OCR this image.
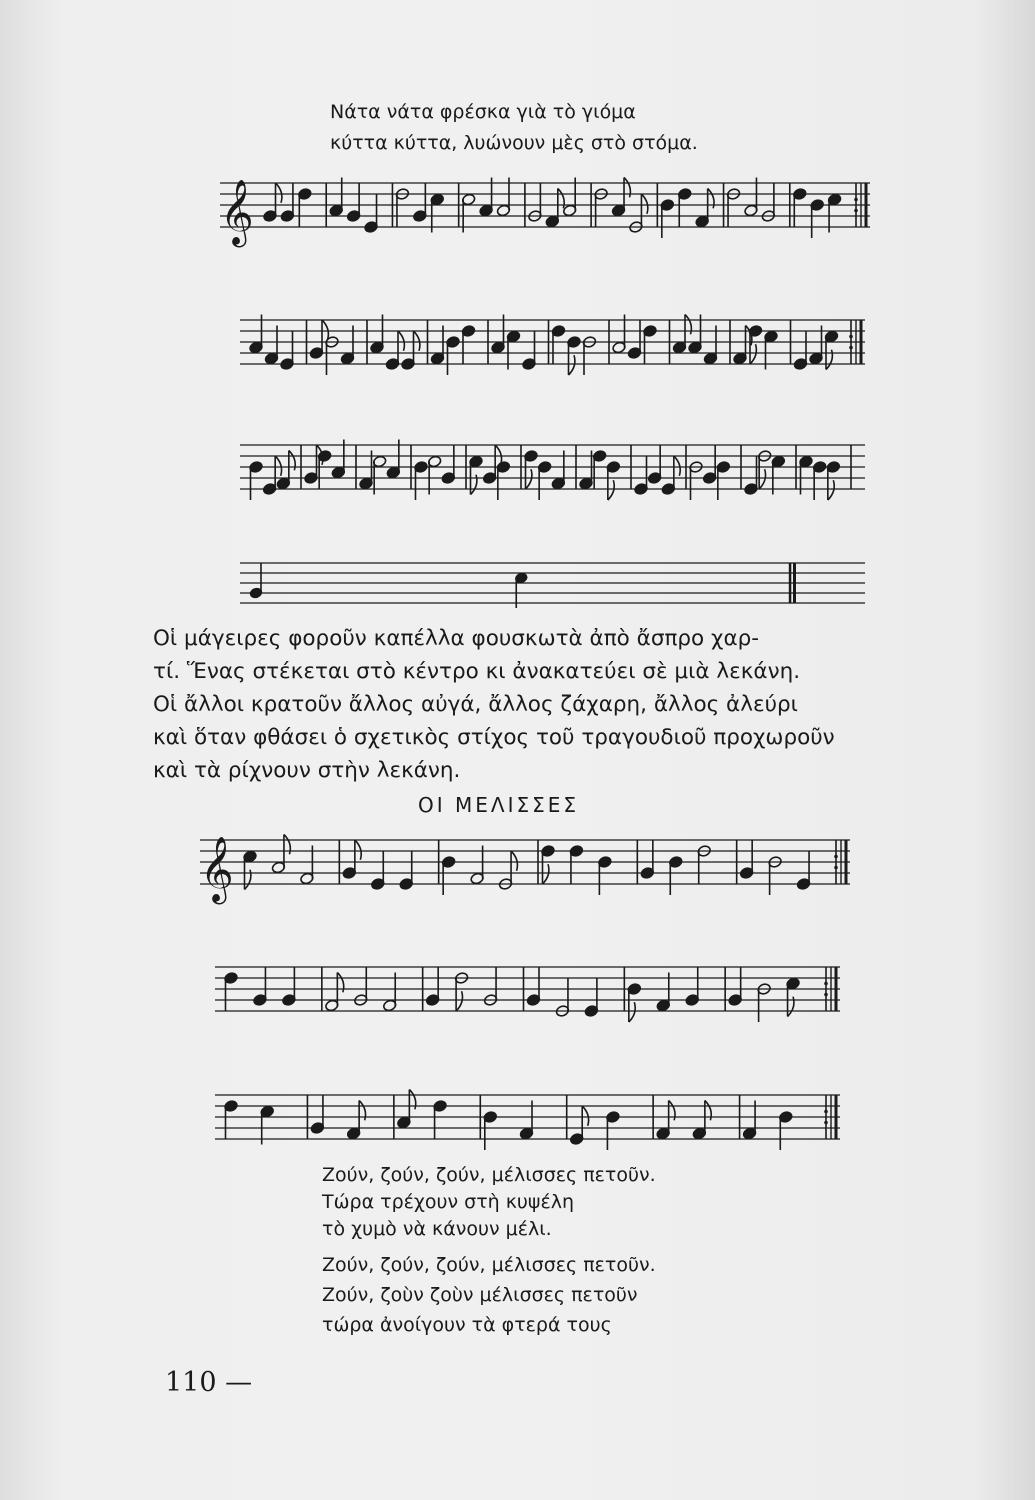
Νάτα νάτα φρέσκα γιὰ τὸ γιόμα
κύττα κύττα, λυώνουν μὲς στὸ στόμα.
𝄞
Οἱ μάγειρες φοροῦν καπέλλα φουσκωτὰ ἀπὸ ἄσπρο χαρ-
τί. Ἕνας στέκεται στὸ κέντρο κι ἀνακατεύει σὲ μιὰ λεκάνη.
Οἱ ἄλλοι κρατοῦν ἄλλος αὐγά, ἄλλος ζάχαρη, ἄλλος ἀλεύρι
καὶ ὅταν φθάσει ὁ σχετικὸς στίχος τοῦ τραγουδιοῦ προχωροῦν
καὶ τὰ ρίχνουν στὴν λεκάνη.
ΟΙ ΜΕΛΙΣΣΕΣ
𝄞
Ζούν, ζούν, ζούν, μέλισσες πετοῦν.
Τώρα τρέχουν στὴ κυψέλη
τὸ χυμὸ νὰ κάνουν μέλι.
Ζούν, ζούν, ζούν, μέλισσες πετοῦν.
Ζούν, ζοὺν ζοὺν μέλισσες πετοῦν
τώρα ἀνοίγουν τὰ φτερά τους
110 —
